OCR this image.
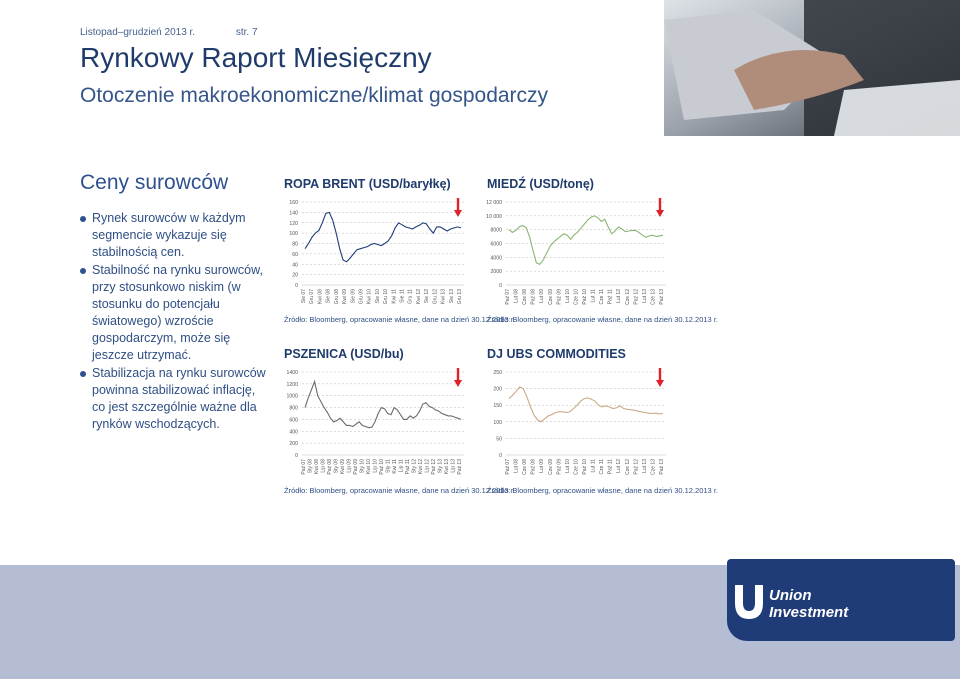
Listopad–grudzień 2013 r.	str. 7
Rynkowy Raport Miesięczny
Otoczenie makroekonomiczne/klimat gospodarczy
Ceny surowców
Rynek surowców w każdym segmencie wykazuje się stabilnością cen.
Stabilność na rynku surowców, przy stosunkowo niskim (w stosunku do potencjału światowego) wzroście gospodarczym, może się jeszcze utrzymać.
Stabilizacja na rynku surowców powinna stabilizować inflację, co jest szczególnie ważne dla rynków wschodzących.
ROPA BRENT (USD/baryłkę)
160
140
120
100
80
60
40
20
0
Sie 07 Gru 07 Kwi 08 Sie 08 Gru 08 Kwi 09 Sie 09 Gru 09 Kwi 10 Sie 10 Gru 10 Kwi 11 Sie 11 Gru 11 Kwi 12 Sie 12 Gru 12 Kwi 13 Sie 13 Gru 13
Źródło: Bloomberg, opracowanie własne, dane na dzień 30.12.2013 r.
MIEDŹ (USD/tonę)
12 000
10 000
8000
6000
4000
2000
0
Paź 07 Lut 08 Cze 08 Paź 08 Lut 09 Cze 09 Paź 09 Lut 10 Cze 10 Paź 10 Lut 11 Cze 11 Paź 11 Lut 12 Cze 12 Paź 12 Lut 13 Cze 13 Paź 13
Źródło: Bloomberg, opracowanie własne, dane na dzień 30.12.2013 r.
PSZENICA (USD/bu)
1400
1200
1000
800
600
400
200
0
Paź 07 Sty 08 Kwi 08 Lip 08 Paź 08 Sty 09 Kwi 09 Lip 09 Paź 09 Sty 10 Kwi 10 Lip 10 Paź 10 Sty 11 Kwi 11 Lip 11 Paź 11 Sty 12 Kwi 12 Lip 12 Paź 12 Sty 13 Kwi 13 Lip 13 Paź 13
Źródło: Bloomberg, opracowanie własne, dane na dzień 30.12.2013 r.
DJ UBS COMMODITIES
250
200
150
100
50
0
Paź 07 Lut 08 Cze 08 Paź 08 Lut 09 Cze 09 Paź 09 Lut 10 Cze 10 Paź 10 Lut 11 Cze 11 Paź 11 Lut 12 Cze 12 Paź 12 Lut 13 Cze 13 Paź 13
Źródło: Bloomberg, opracowanie własne, dane na dzień 30.12.2013 r.
Union
Investment
